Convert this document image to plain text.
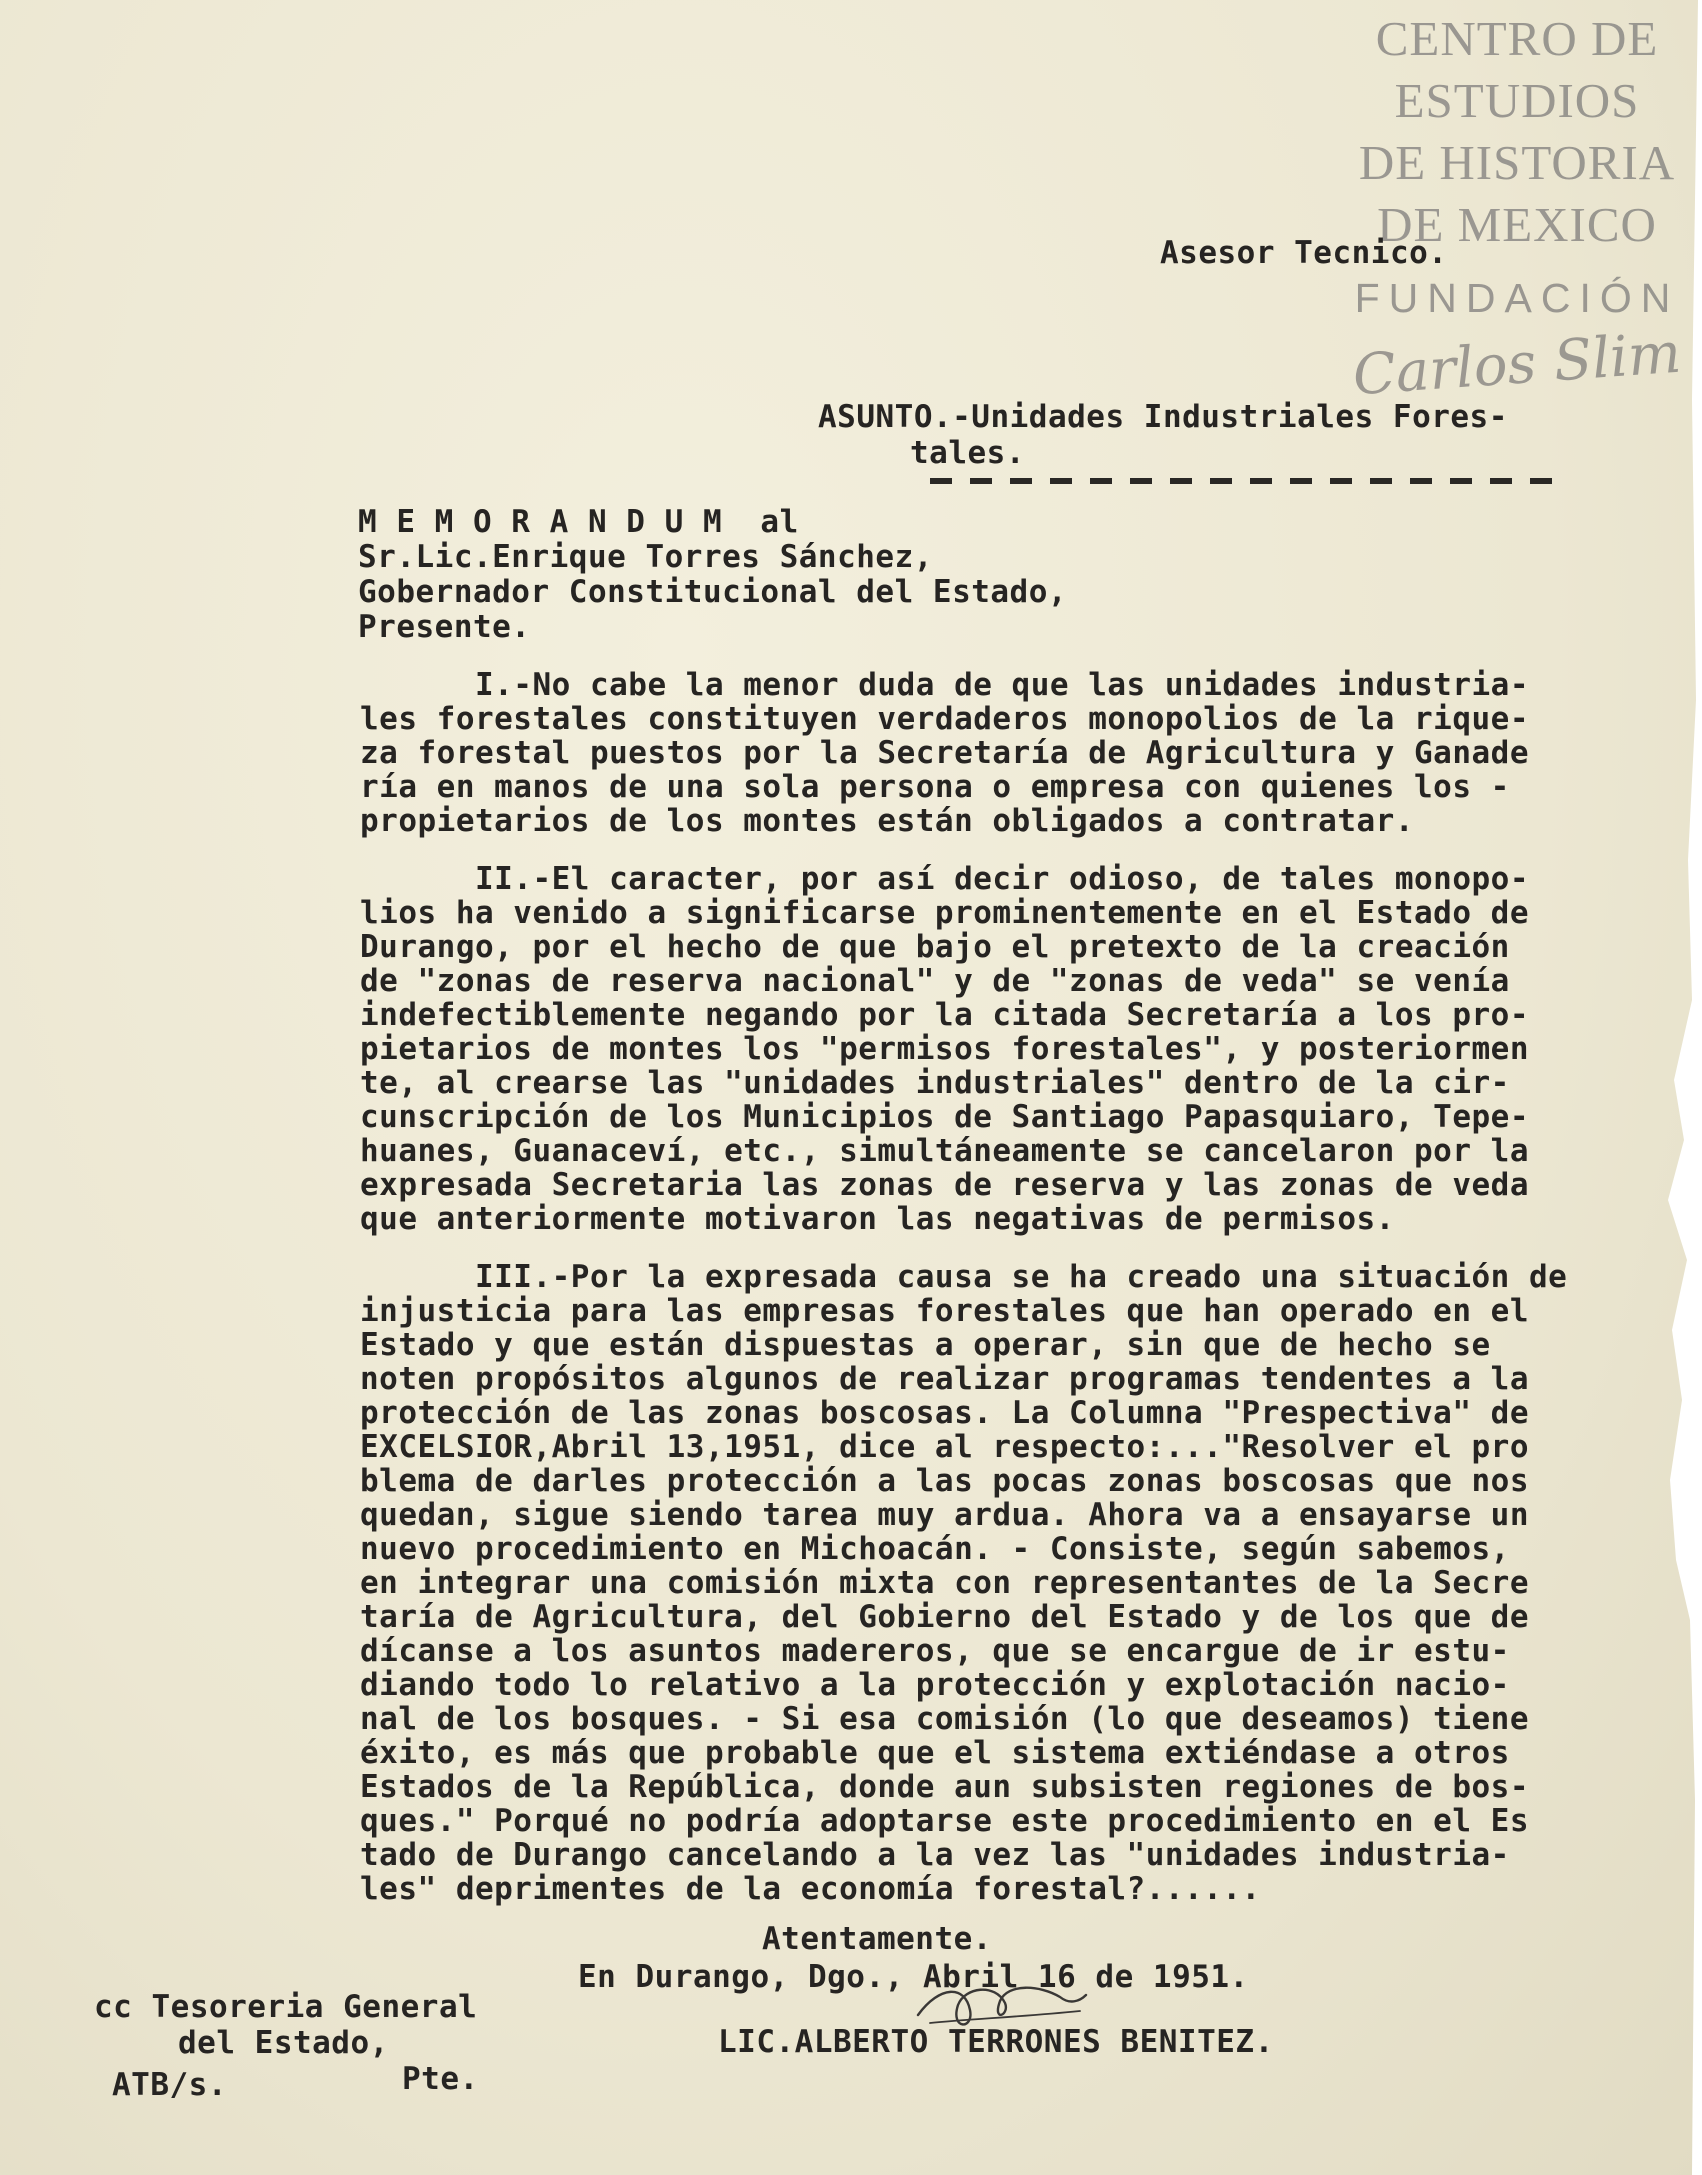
CENTRO DE
ESTUDIOS
DE HISTORIA
DE MEXICO
FUNDACIÓN
Carlos Slim
Asesor Tecnico.
ASUNTO.-Unidades Industriales Fores-
tales.
M E M O R A N D U M  al
Sr.Lic.Enrique Torres Sánchez,
Gobernador Constitucional del Estado,
Presente.
I.-No cabe la menor duda de que las unidades industria-
les forestales constituyen verdaderos monopolios de la rique-
za forestal puestos por la Secretaría de Agricultura y Ganade
ría en manos de una sola persona o empresa con quienes los -
propietarios de los montes están obligados a contratar.
II.-El caracter, por así decir odioso, de tales monopo-
lios ha venido a significarse prominentemente en el Estado de
Durango, por el hecho de que bajo el pretexto de la creación
de "zonas de reserva nacional" y de "zonas de veda" se venía
indefectiblemente negando por la citada Secretaría a los pro-
pietarios de montes los "permisos forestales", y posteriormen
te, al crearse las "unidades industriales" dentro de la cir-
cunscripción de los Municipios de Santiago Papasquiaro, Tepe-
huanes, Guanaceví, etc., simultáneamente se cancelaron por la
expresada Secretaria las zonas de reserva y las zonas de veda
que anteriormente motivaron las negativas de permisos.
III.-Por la expresada causa se ha creado una situación de
injusticia para las empresas forestales que han operado en el
Estado y que están dispuestas a operar, sin que de hecho se
noten propósitos algunos de realizar programas tendentes a la
protección de las zonas boscosas. La Columna "Prespectiva" de
EXCELSIOR,Abril 13,1951, dice al respecto:..."Resolver el pro
blema de darles protección a las pocas zonas boscosas que nos
quedan, sigue siendo tarea muy ardua. Ahora va a ensayarse un
nuevo procedimiento en Michoacán. - Consiste, según sabemos,
en integrar una comisión mixta con representantes de la Secre
taría de Agricultura, del Gobierno del Estado y de los que de
dícanse a los asuntos madereros, que se encargue de ir estu-
diando todo lo relativo a la protección y explotación nacio-
nal de los bosques. - Si esa comisión (lo que deseamos) tiene
éxito, es más que probable que el sistema extiéndase a otros
Estados de la República, donde aun subsisten regiones de bos-
ques." Porqué no podría adoptarse este procedimiento en el Es
tado de Durango cancelando a la vez las "unidades industria-
les" deprimentes de la economía forestal?......
Atentamente.
En Durango, Dgo., Abril 16 de 1951.
LIC.ALBERTO TERRONES BENITEZ.
cc Tesoreria General
del Estado,
Pte.
ATB/s.
